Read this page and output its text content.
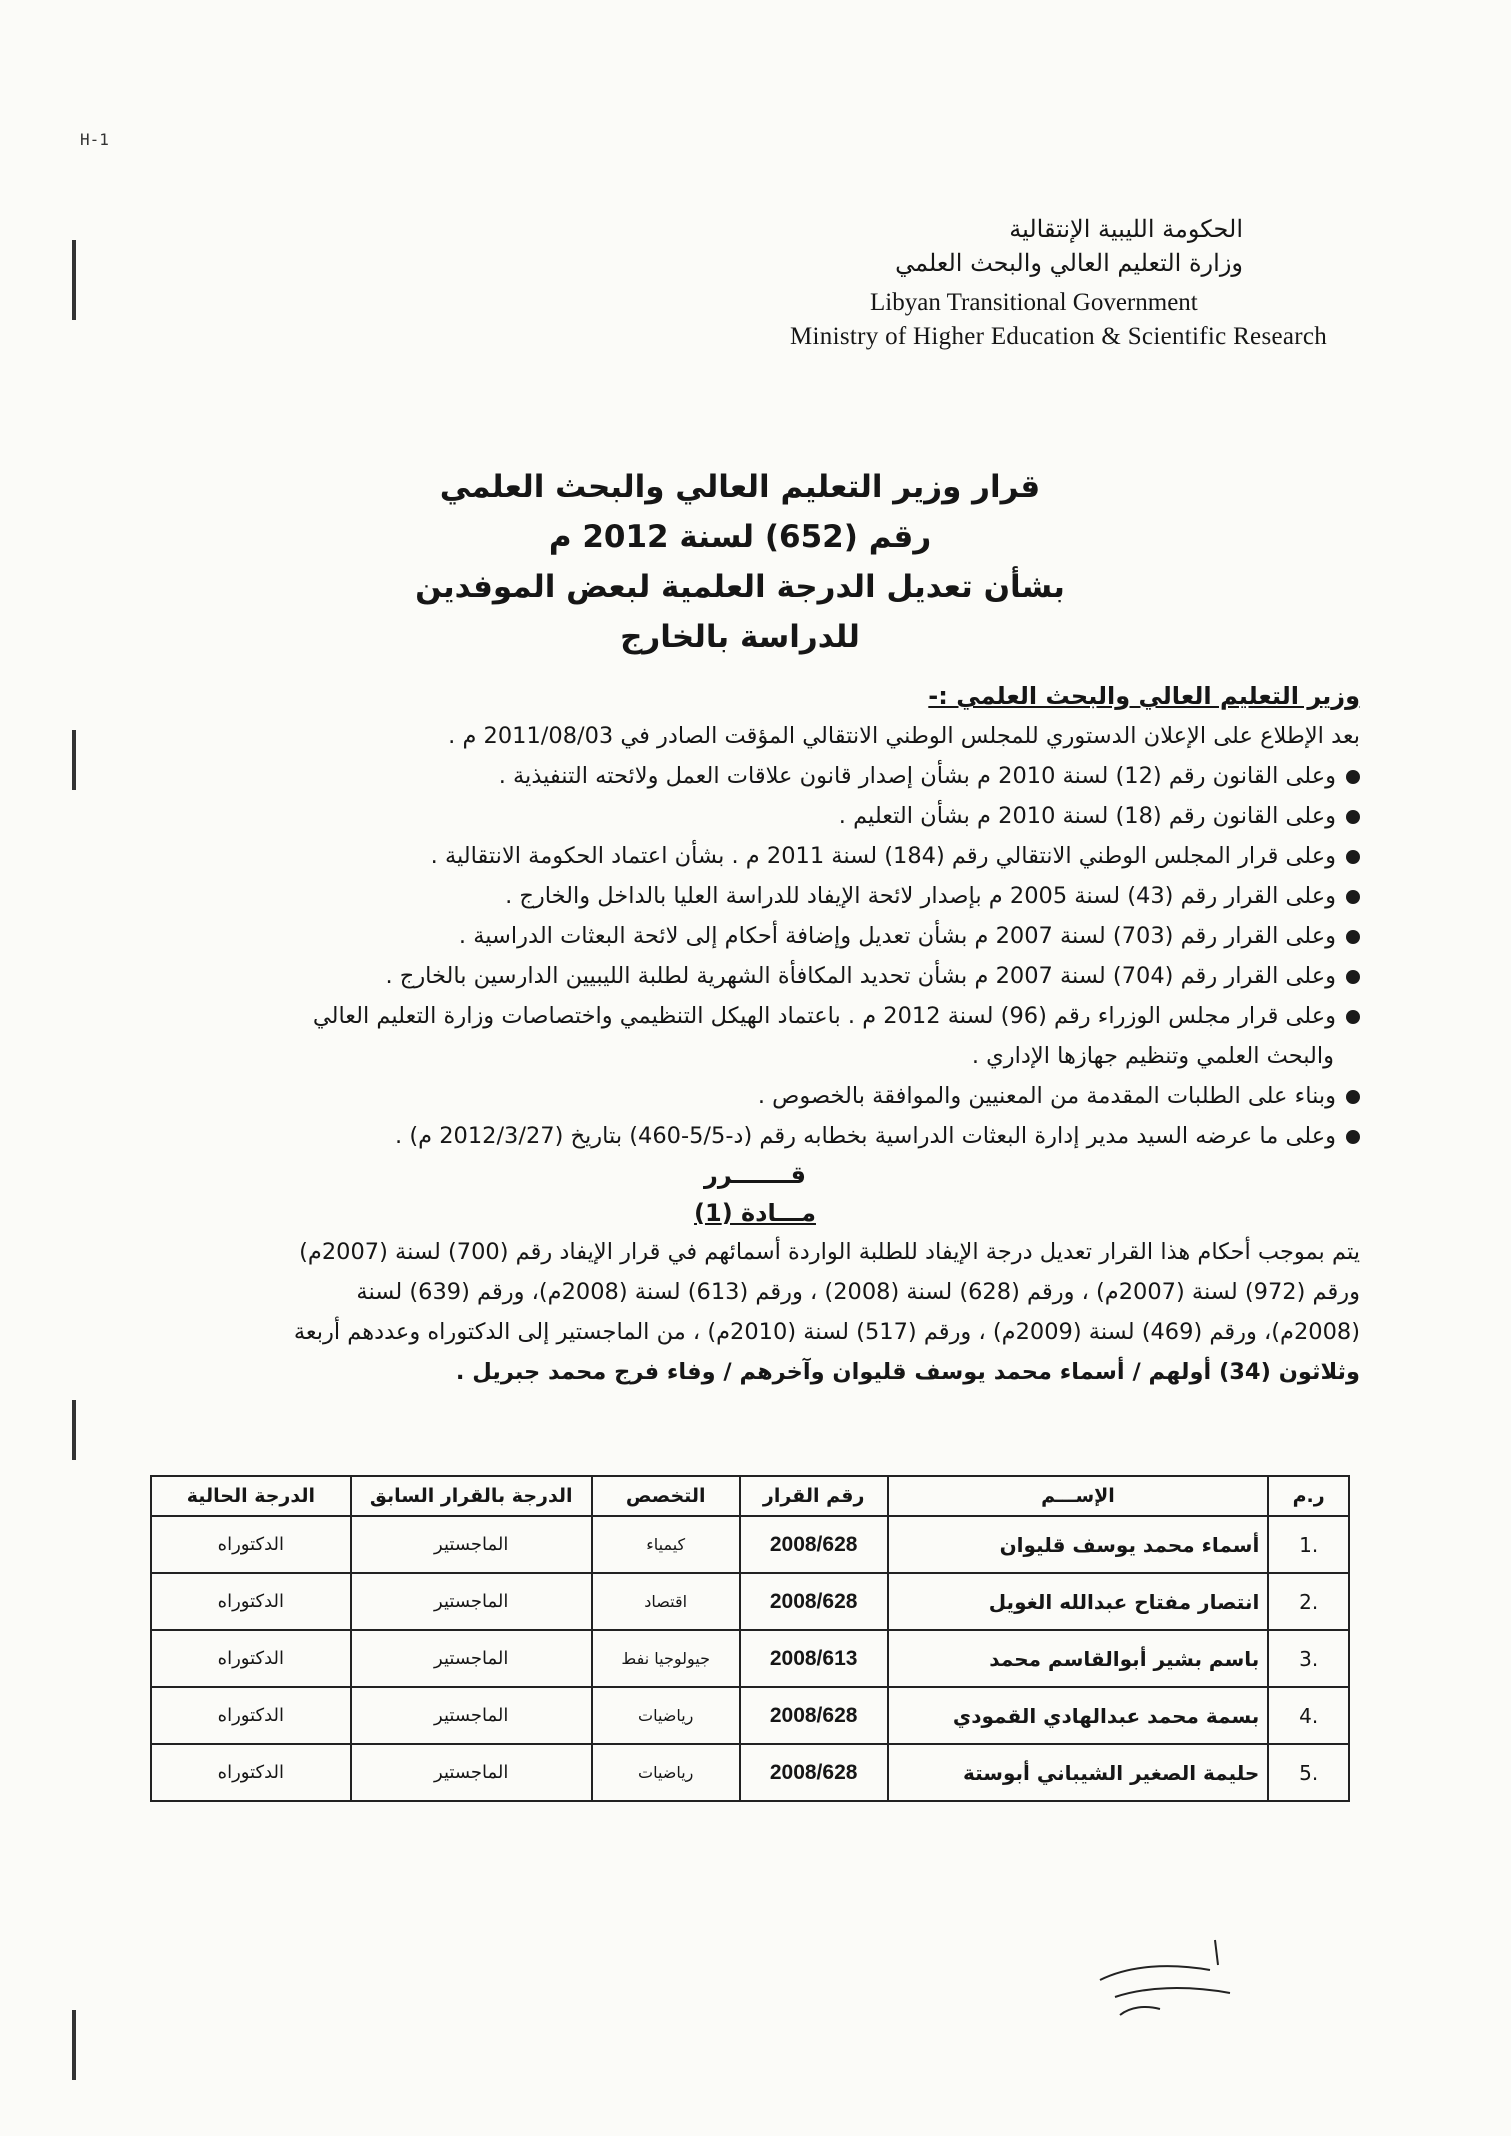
H-1
الحكومة الليبية الإنتقالية
وزارة التعليم العالي والبحث العلمي
Libyan Transitional Government
Ministry of Higher Education & Scientific Research
قرار وزير التعليم العالي والبحث العلمي
رقم (652) لسنة 2012 م
بشأن تعديل الدرجة العلمية لبعض الموفدين للدراسة بالخارج
وزير التعليم العالي والبحث العلمي :-
بعد الإطلاع على الإعلان الدستوري للمجلس الوطني الانتقالي المؤقت الصادر في 2011/08/03 م .
وعلى القانون رقم (12) لسنة 2010 م بشأن إصدار قانون علاقات العمل ولائحته التنفيذية .
وعلى القانون رقم (18) لسنة 2010 م بشأن التعليم .
وعلى قرار المجلس الوطني الانتقالي رقم (184) لسنة 2011 م . بشأن اعتماد الحكومة الانتقالية .
وعلى القرار رقم (43) لسنة 2005 م بإصدار لائحة الإيفاد للدراسة العليا بالداخل والخارج .
وعلى القرار رقم (703) لسنة 2007 م بشأن تعديل وإضافة أحكام إلى لائحة البعثات الدراسية .
وعلى القرار رقم (704) لسنة 2007 م بشأن تحديد المكافأة الشهرية لطلبة الليبيين الدارسين بالخارج .
وعلى قرار مجلس الوزراء رقم (96) لسنة 2012 م . باعتماد الهيكل التنظيمي واختصاصات وزارة التعليم العالي
والبحث العلمي وتنظيم جهازها الإداري .
وبناء على الطلبات المقدمة من المعنيين والموافقة بالخصوص .
وعلى ما عرضه السيد مدير إدارة البعثات الدراسية بخطابه رقم (د-5/5-460) بتاريخ (2012/3/27 م) .
قـــــــرر
مـــادة (1)
يتم بموجب أحكام هذا القرار تعديل درجة الإيفاد للطلبة الواردة أسمائهم في قرار الإيفاد رقم (700) لسنة (2007م)
ورقم (972) لسنة (2007م) ، ورقم (628) لسنة (2008) ، ورقم (613) لسنة (2008م)، ورقم (639) لسنة
(2008م)، ورقم (469) لسنة (2009م) ، ورقم (517) لسنة (2010م) ، من الماجستير إلى الدكتوراه وعددهم أربعة
وثلاثون (34) أولهم / أسماء محمد يوسف قليوان وآخرهم / وفاء فرج محمد جبريل .
ر.م	الإســـم	رقم القرار	التخصص	الدرجة بالقرار السابق	الدرجة الحالية
.1	أسماء محمد يوسف قليوان	2008/628	كيمياء	الماجستير	الدكتوراه
.2	انتصار مفتاح عبدالله الغويل	2008/628	اقتصاد	الماجستير	الدكتوراه
.3	باسم بشير أبوالقاسم محمد	2008/613	جيولوجيا نفط	الماجستير	الدكتوراه
.4	بسمة محمد عبدالهادي القمودي	2008/628	رياضيات	الماجستير	الدكتوراه
.5	حليمة الصغير الشيباني أبوستة	2008/628	رياضيات	الماجستير	الدكتوراه
